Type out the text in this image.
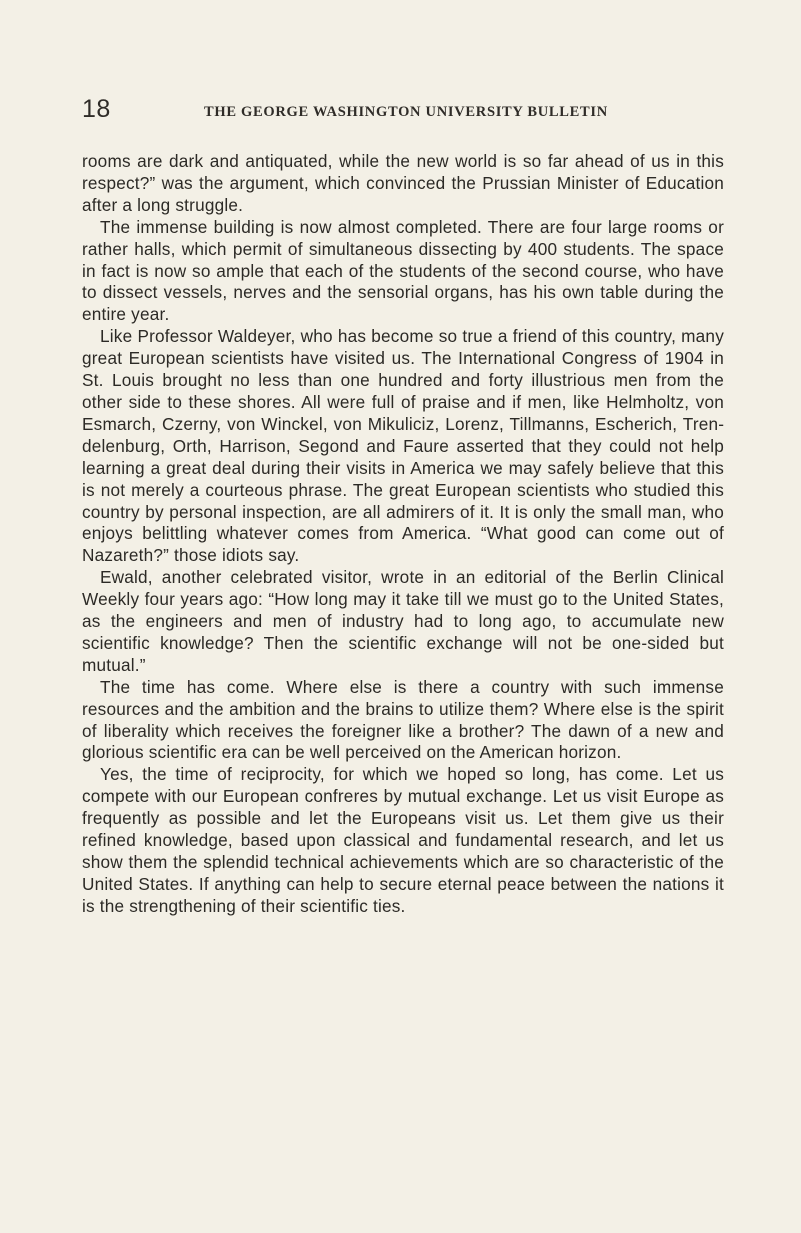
18	THE GEORGE WASHINGTON UNIVERSITY BULLETIN

rooms are dark and antiquated, while the new world is so far ahead of us in this respect?” was the argument, which convinced the Prussian Minister of Education after a long struggle.

The immense building is now almost completed. There are four large rooms or rather halls, which permit of simultaneous dissecting by 400 students. The space in fact is now so ample that each of the students of the second course, who have to dissect vessels, nerves and the sensorial organs, has his own table during the entire year.

Like Professor Waldeyer, who has become so true a friend of this country, many great European scientists have visited us. The International Congress of 1904 in St. Louis brought no less than one hundred and forty illustrious men from the other side to these shores. All were full of praise and if men, like Helmholtz, von Esmarch, Czerny, von Winckel, von Mikuliciz, Lorenz, Tillmanns, Escherich, Trendelenburg, Orth, Harrison, Segond and Faure asserted that they could not help learning a great deal during their visits in America we may safely believe that this is not merely a courteous phrase. The great European scientists who studied this country by personal inspection, are all admirers of it. It is only the small man, who enjoys belittling whatever comes from America. “What good can come out of Nazareth?” those idiots say.

Ewald, another celebrated visitor, wrote in an editorial of the Berlin Clinical Weekly four years ago: “How long may it take till we must go to the United States, as the engineers and men of industry had to long ago, to accumulate new scientific knowledge? Then the scientific exchange will not be one-sided but mutual.”

The time has come. Where else is there a country with such immense resources and the ambition and the brains to utilize them? Where else is the spirit of liberality which receives the foreigner like a brother? The dawn of a new and glorious scientific era can be well perceived on the American horizon.

Yes, the time of reciprocity, for which we hoped so long, has come. Let us compete with our European confreres by mutual exchange. Let us visit Europe as frequently as possible and let the Europeans visit us. Let them give us their refined knowledge, based upon classical and fundamental research, and let us show them the splendid technical achievements which are so characteristic of the United States. If anything can help to secure eternal peace between the nations it is the strengthening of their scientific ties.
